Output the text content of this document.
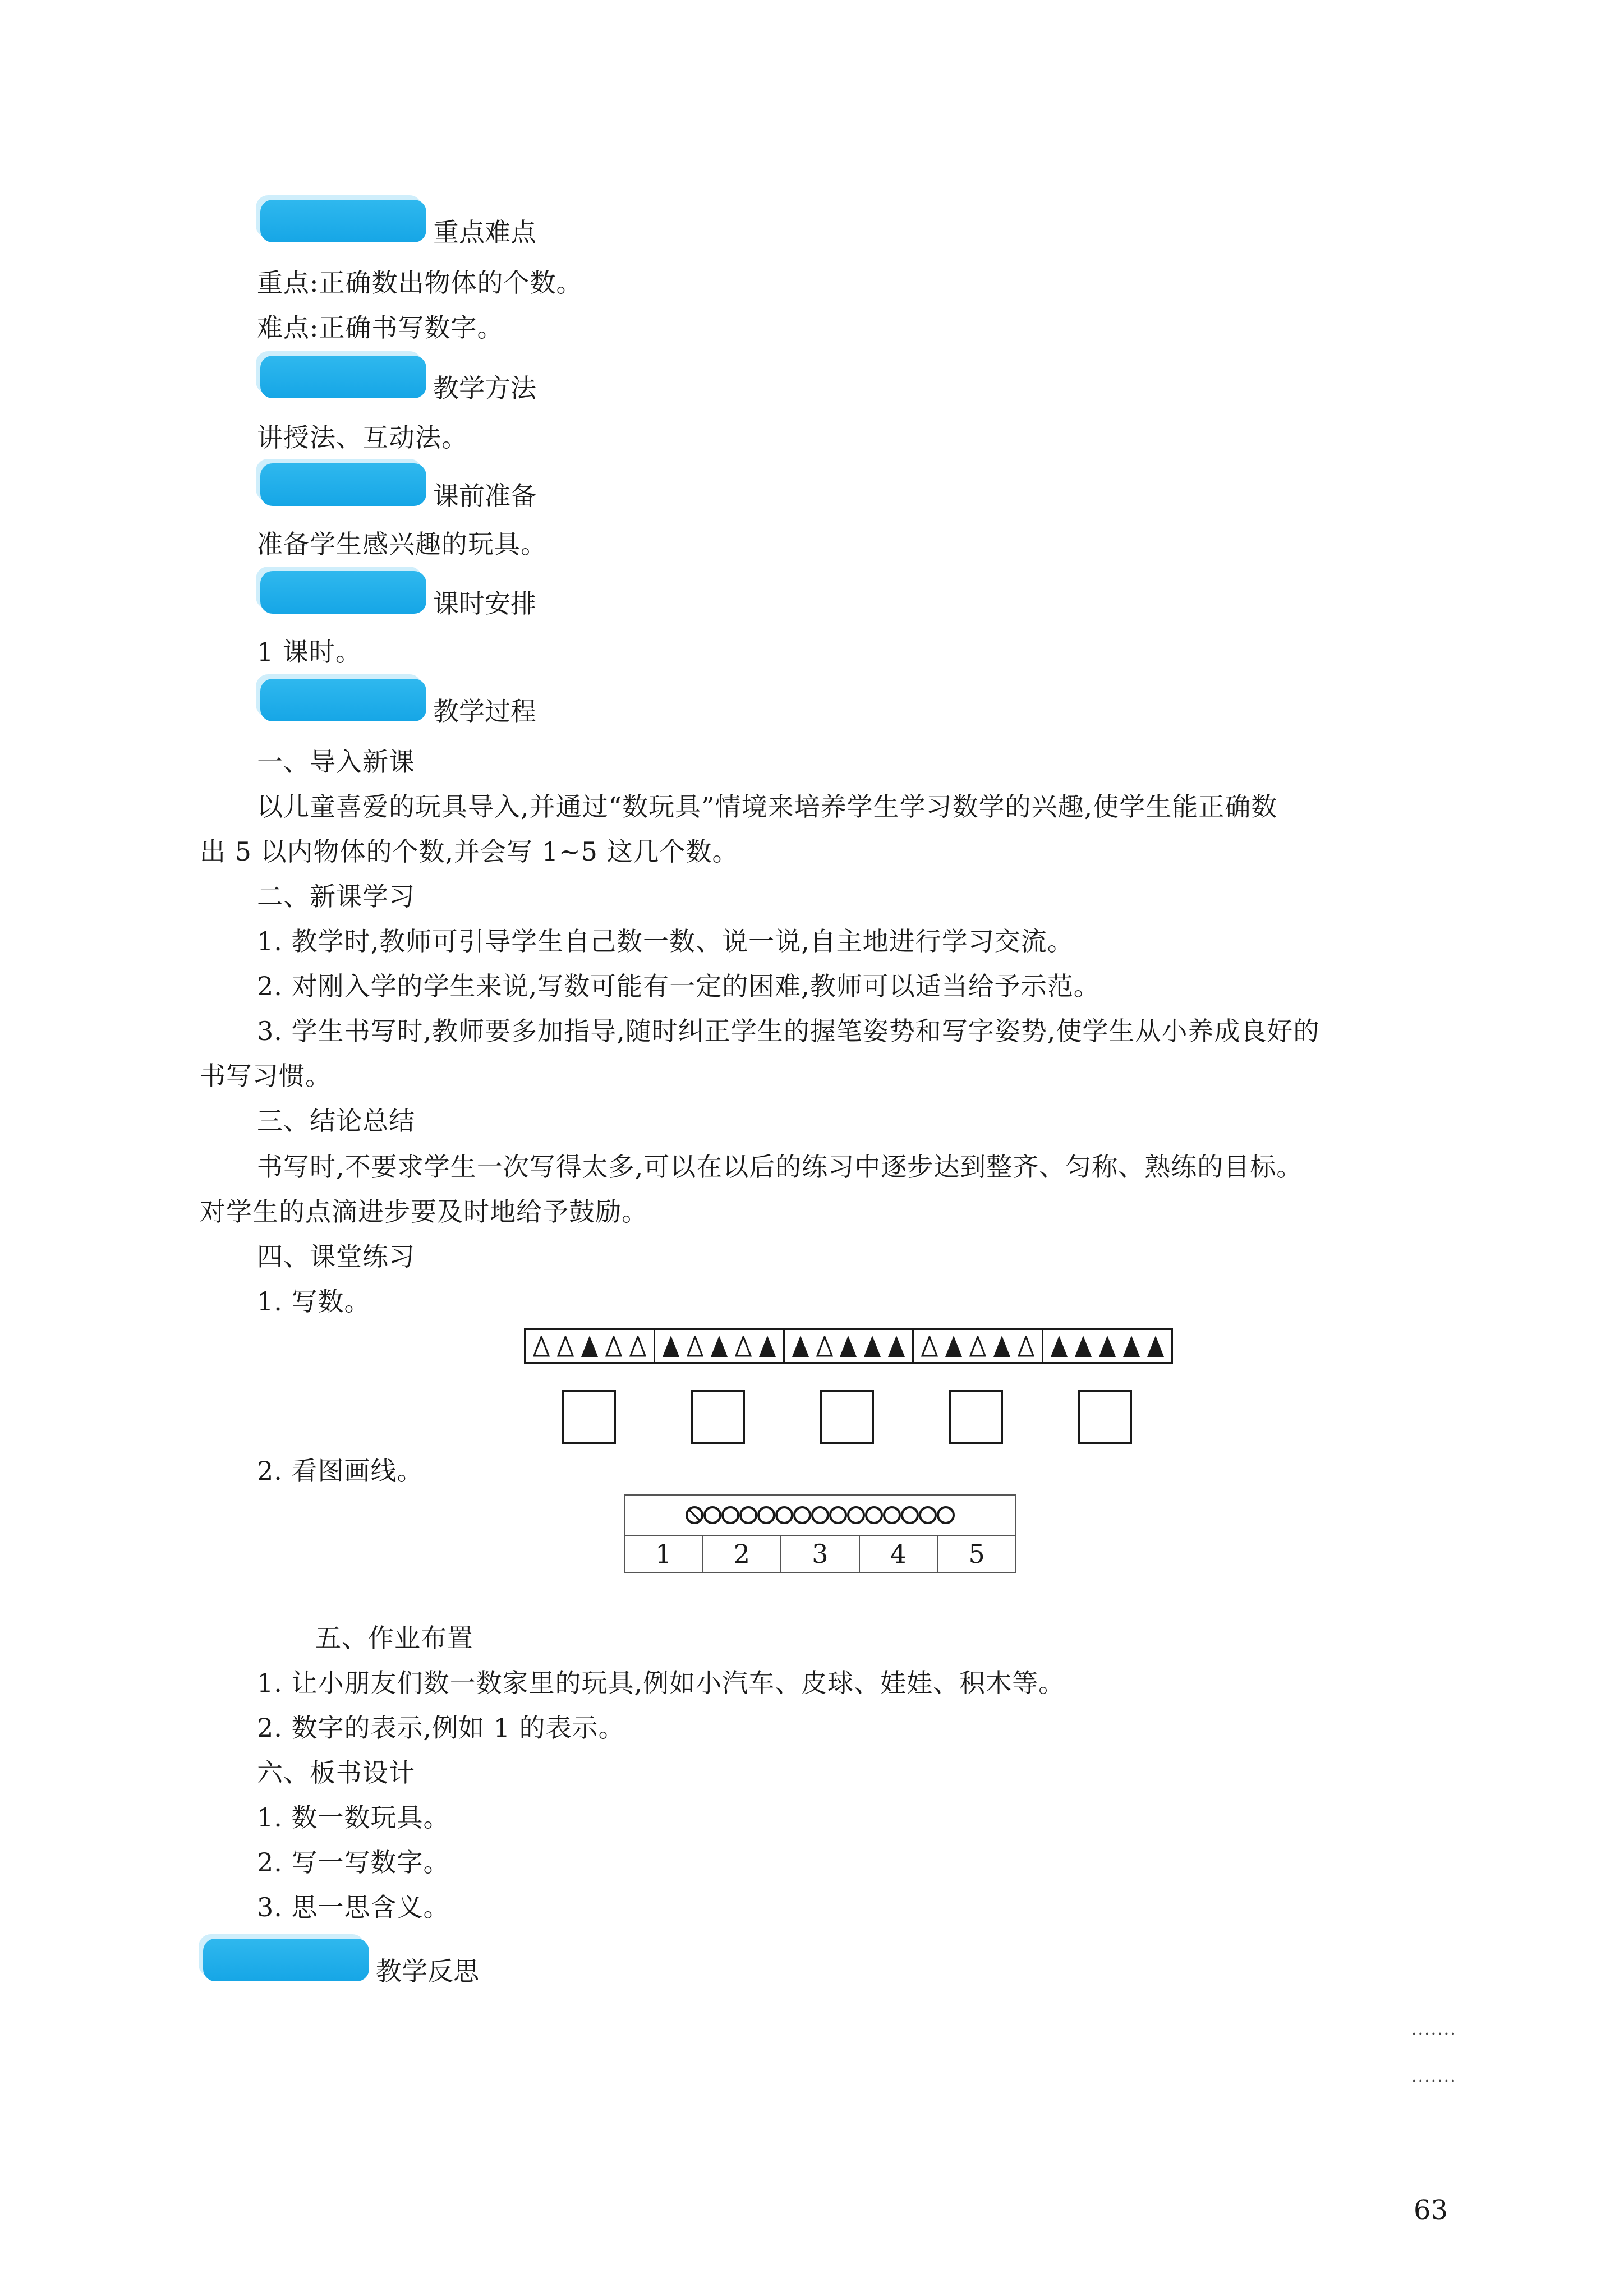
重点难点
重点:正确数出物体的个数。
难点:正确书写数字。
教学方法
讲授法、互动法。
课前准备
准备学生感兴趣的玩具。
课时安排
1 课时。
教学过程
一、导入新课
以儿童喜爱的玩具导入,并通过“数玩具”情境来培养学生学习数学的兴趣,使学生能正确数
出 5 以内物体的个数,并会写 1~5 这几个数。
二、新课学习
1. 教学时,教师可引导学生自己数一数、说一说,自主地进行学习交流。
2. 对刚入学的学生来说,写数可能有一定的困难,教师可以适当给予示范。
3. 学生书写时,教师要多加指导,随时纠正学生的握笔姿势和写字姿势,使学生从小养成良好的
书写习惯。
三、结论总结
书写时,不要求学生一次写得太多,可以在以后的练习中逐步达到整齐、匀称、熟练的目标。
对学生的点滴进步要及时地给予鼓励。
四、课堂练习
1. 写数。
2. 看图画线。

1	2	3	4	5
五、作业布置
1. 让小朋友们数一数家里的玩具,例如小汽车、皮球、娃娃、积木等。
2. 数字的表示,例如 1 的表示。
六、板书设计
1. 数一数玩具。
2. 写一写数字。
3. 思一思含义。
教学反思
.......
.......
63
